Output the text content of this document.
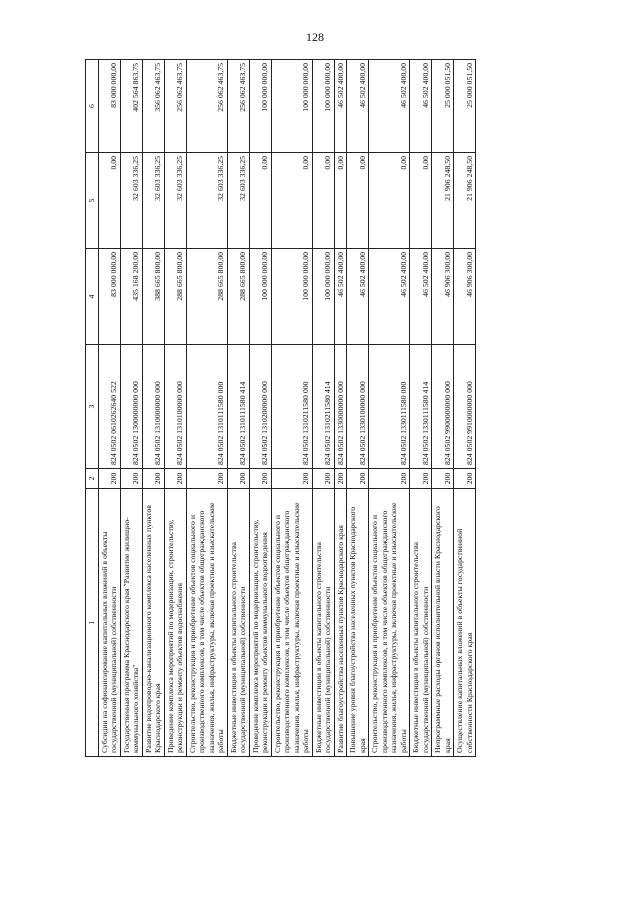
128
1	2	3	4	5	6
Субсидии на софинансирование капитальных вложений в объекты государственной (муниципальной) собственности	200	824 0502 0610262640 522	83 000 000,00	0,00	83 000 000,00
Государственная программа Краснодарского края "Развитие жилищно-коммунального хозяйства"	200	824 0502 1300000000 000	435 168 200,00	32 603 336,25	402 564 863,75
Развитие водопроводно-канализационного комплекса населенных пунктов Краснодарского края	200	824 0502 1310000000 000	388 665 800,00	32 603 336,25	356 062 463,75
Проведение комплекса мероприятий по модернизации, строительству, реконструкции и ремонту объектов водоснабжения	200	824 0502 1310100000 000	288 665 800,00	32 603 336,25	256 062 463,75
Строительство, реконструкция и приобретение объектов социального и производственного комплексов, в том числе объектов общегражданского назначения, жилья, инфраструктуры, включая проектные и изыскательские работы	200	824 0502 1310111580 000	288 665 800,00	32 603 336,25	256 062 463,75
Бюджетные инвестиции в объекты капитального строительства государственной (муниципальной) собственности	200	824 0502 1310111580 414	288 665 800,00	32 603 336,25	256 062 463,75
Проведение комплекса мероприятий по модернизации, строительству, реконструкции и ремонту объектов коммунального водоотведения	200	824 0502 1310200000 000	100 000 000,00	0,00	100 000 000,00
Строительство, реконструкция и приобретение объектов социального и производственного комплексов, в том числе объектов общегражданского назначения, жилья, инфраструктуры, включая проектные и изыскательские работы	200	824 0502 1310211580 000	100 000 000,00	0,00	100 000 000,00
Бюджетные инвестиции в объекты капитального строительства государственной (муниципальной) собственности	200	824 0502 1310211580 414	100 000 000,00	0,00	100 000 000,00
Развитие благоустройства населенных пунктов Краснодарского края	200	824 0502 1330000000 000	46 502 400,00	0,00	46 502 400,00
Повышение уровня благоустройства населенных пунктов Краснодарского края	200	824 0502 1330100000 000	46 502 400,00	0,00	46 502 400,00
Строительство, реконструкция и приобретение объектов социального и производственного комплексов, в том числе объектов общегражданского назначения, жилья, инфраструктуры, включая проектные и изыскательские работы	200	824 0502 1330111580 000	46 502 400,00	0,00	46 502 400,00
Бюджетные инвестиции в объекты капитального строительства государственной (муниципальной) собственности	200	824 0502 1330111580 414	46 502 400,00	0,00	46 502 400,00
Непрограммные расходы органов исполнительной власти Краснодарского края	200	824 0502 9900000000 000	46 906 300,00	21 906 248,50	25 000 051,50
Осуществление капитальных вложений в объекты государственной собственности Краснодарского края	200	824 0502 9910000000 000	46 906 300,00	21 906 248,50	25 000 051,50
